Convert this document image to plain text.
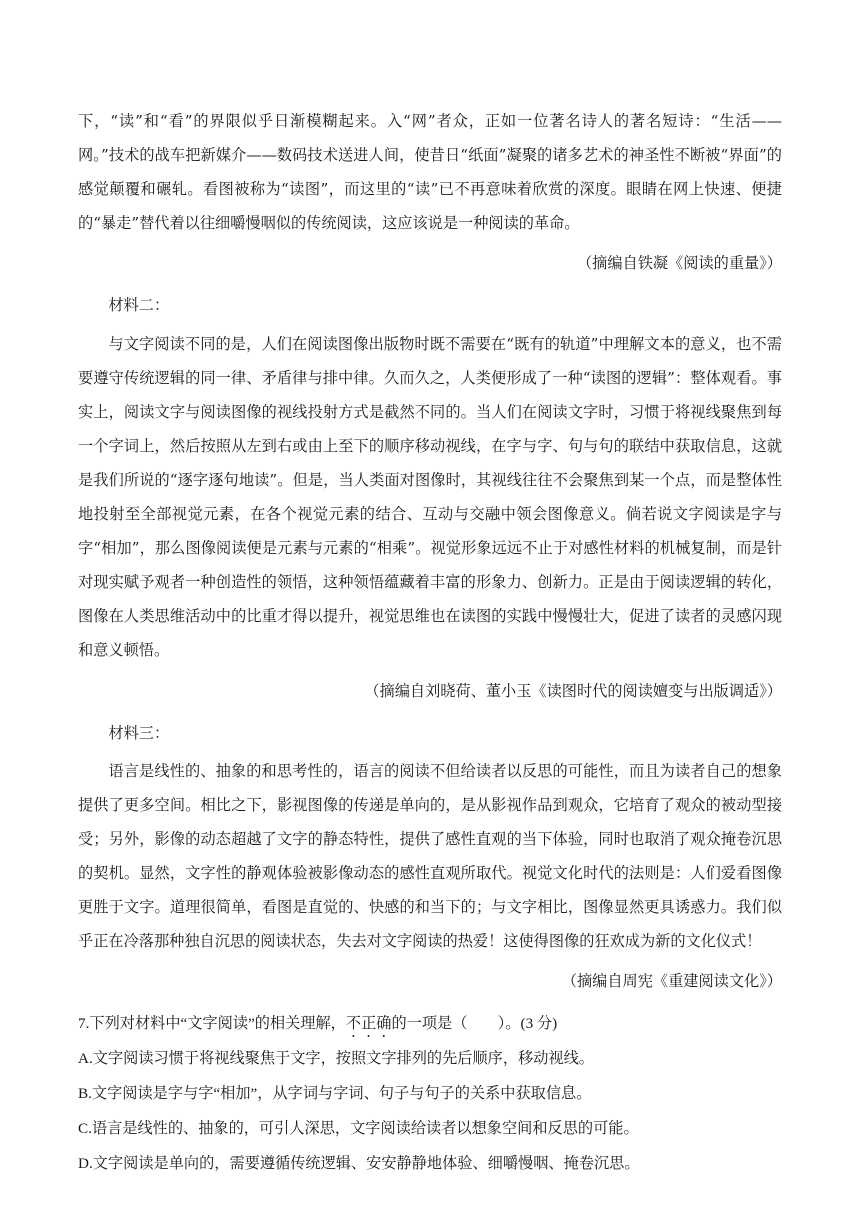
下，“读”和“看”的界限似乎日渐模糊起来。入“网”者众，正如一位著名诗人的著名短诗：“生活——网。”技术的战车把新媒介——数码技术送进人间，使昔日“纸面”凝聚的诸多艺术的神圣性不断被“界面”的感觉颠覆和碾轧。看图被称为“读图”，而这里的“读”已不再意味着欣赏的深度。眼睛在网上快速、便捷的“暴走”替代着以往细嚼慢咽似的传统阅读，这应该说是一种阅读的革命。

（摘编自铁凝《阅读的重量》）

材料二：

与文字阅读不同的是，人们在阅读图像出版物时既不需要在“既有的轨道”中理解文本的意义，也不需要遵守传统逻辑的同一律、矛盾律与排中律。久而久之，人类便形成了一种“读图的逻辑”：整体观看。事实上，阅读文字与阅读图像的视线投射方式是截然不同的。当人们在阅读文字时，习惯于将视线聚焦到每一个字词上，然后按照从左到右或由上至下的顺序移动视线，在字与字、句与句的联结中获取信息，这就是我们所说的“逐字逐句地读”。但是，当人类面对图像时，其视线往往不会聚焦到某一个点，而是整体性地投射至全部视觉元素，在各个视觉元素的结合、互动与交融中领会图像意义。倘若说文字阅读是字与字“相加”，那么图像阅读便是元素与元素的“相乘”。视觉形象远远不止于对感性材料的机械复制，而是针对现实赋予观者一种创造性的领悟，这种领悟蕴藏着丰富的形象力、创新力。正是由于阅读逻辑的转化，图像在人类思维活动中的比重才得以提升，视觉思维也在读图的实践中慢慢壮大，促进了读者的灵感闪现和意义顿悟。

（摘编自刘晓荷、董小玉《读图时代的阅读嬗变与出版调适》）

材料三：

语言是线性的、抽象的和思考性的，语言的阅读不但给读者以反思的可能性，而且为读者自己的想象提供了更多空间。相比之下，影视图像的传递是单向的，是从影视作品到观众，它培育了观众的被动型接受；另外，影像的动态超越了文字的静态特性，提供了感性直观的当下体验，同时也取消了观众掩卷沉思的契机。显然，文字性的静观体验被影像动态的感性直观所取代。视觉文化时代的法则是：人们爱看图像更胜于文字。道理很简单，看图是直觉的、快感的和当下的；与文字相比，图像显然更具诱惑力。我们似乎正在冷落那种独自沉思的阅读状态，失去对文字阅读的热爱！这使得图像的狂欢成为新的文化仪式！

（摘编自周宪《重建阅读文化》）

7.下列对材料中“文字阅读”的相关理解，不正确的一项是（　　）。(3 分)

A.文字阅读习惯于将视线聚焦于文字，按照文字排列的先后顺序，移动视线。

B.文字阅读是字与字“相加”，从字词与字词、句子与句子的关系中获取信息。

C.语言是线性的、抽象的，可引人深思，文字阅读给读者以想象空间和反思的可能。

D.文字阅读是单向的，需要遵循传统逻辑、安安静静地体验、细嚼慢咽、掩卷沉思。
